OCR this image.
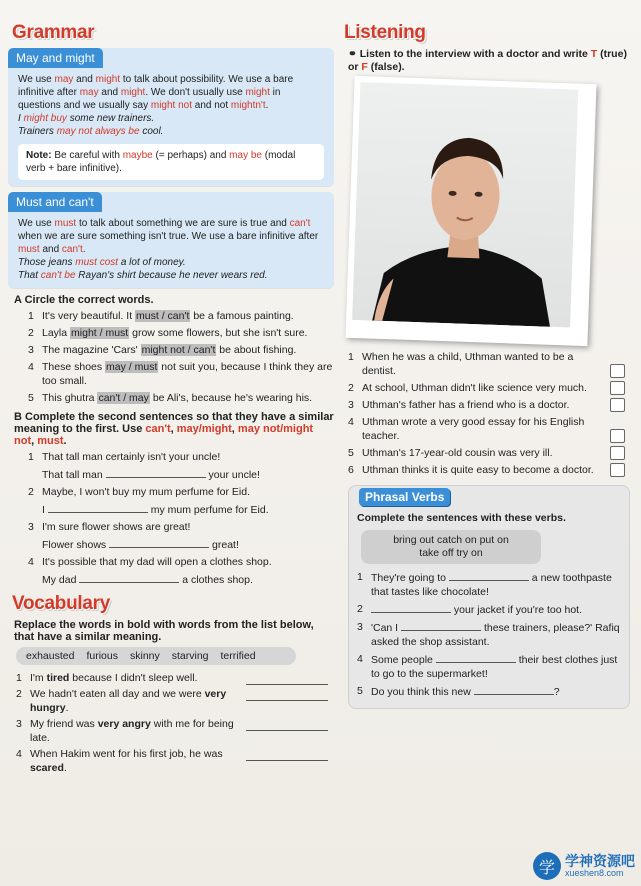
Grammar
May and might

We use may and might to talk about possibility. We use a bare infinitive after may and might. We don't usually use might in questions and we usually say might not and not mightn't.

I might buy some new trainers.

Trainers may not always be cool.

Note: Be careful with maybe (= perhaps) and may be (modal verb + bare infinitive).
Must and can't

We use must to talk about something we are sure is true and can't when we are sure something isn't true. We use a bare infinitive after must and can't.

Those jeans must cost a lot of money.

That can't be Rayan's shirt because he never wears red.

A Circle the correct words.
1 It's very beautiful. It must / can't be a famous painting.
2 Layla might / must grow some flowers, but she isn't sure.
3 The magazine 'Cars' might not / can't be about fishing.
4 These shoes may / must not suit you, because I think they are too small.
5 This ghutra can't / may be Ali's, because he's wearing his.
B Complete the second sentences so that they have a similar meaning to the first. Use can't, may/might, may not/might not, must.
1 That tall man certainly isn't your uncle!
That tall man	your uncle!
2 Maybe, I won't buy my mum perfume for Eid.
I	my mum perfume for Eid.
3 I'm sure flower shows are great!
Flower shows	great!
4 It's possible that my dad will open a clothes shop.
My dad	a clothes shop.
Vocabulary
Replace the words in bold with words from the list below, that have a similar meaning.
exhausted furious skinny starving terrified
1 I'm tired because I didn't sleep well.
2 We hadn't eaten all day and we were very hungry.
3 My friend was very angry with me for being late.
4 When Hakim went for his first job, he was scared.
Listening
⚭ Listen to the interview with a doctor and write T (true) or F (false).
1 When he was a child, Uthman wanted to be a dentist.
2 At school, Uthman didn't like science very much.
3 Uthman's father has a friend who is a doctor.
4 Uthman wrote a very good essay for his English teacher.
5 Uthman's 17-year-old cousin was very ill.
6 Uthman thinks it is quite easy to become a doctor.
Phrasal Verbs
Complete the sentences with these verbs.
bring out catch on put on
take off try on
1 They're going to	a new toothpaste that tastes like chocolate!
2	your jacket if you're too hot.
3 'Can I	these trainers, please?' Rafiq asked the shop assistant.
4 Some people	their best clothes just to go to the supermarket!
5 Do you think this new	?
学 学神资源吧
xueshen8.com
